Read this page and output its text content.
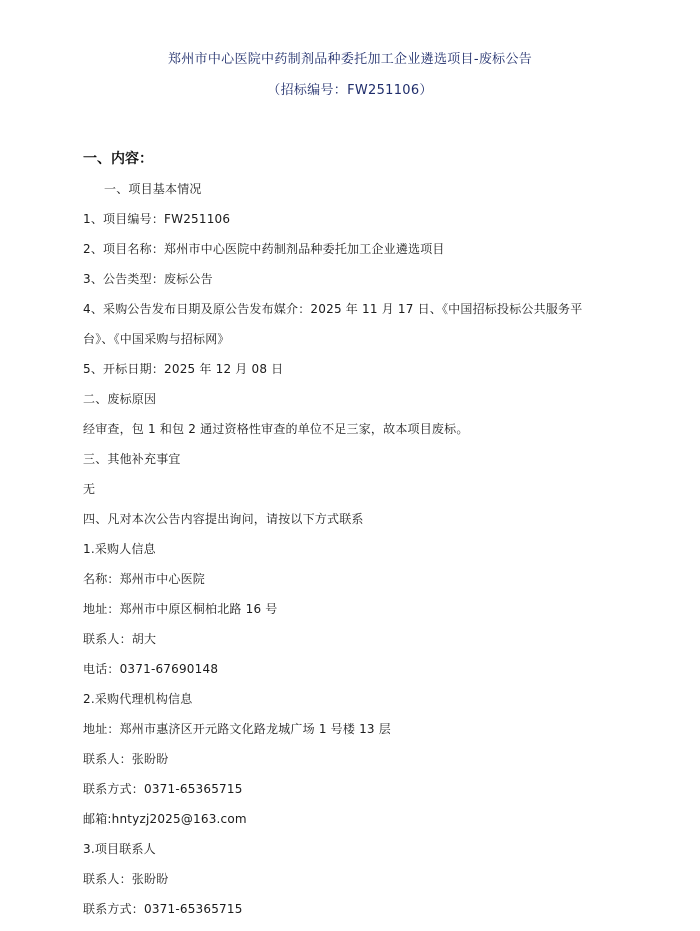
郑州市中心医院中药制剂品种委托加工企业遴选项目-废标公告
（招标编号：FW251106）
一、内容：
一、项目基本情况
1、项目编号：FW251106
2、项目名称：郑州市中心医院中药制剂品种委托加工企业遴选项目
3、公告类型：废标公告
4、采购公告发布日期及原公告发布媒介：2025 年 11 月 17 日、《中国招标投标公共服务平
台》、《中国采购与招标网》
5、开标日期：2025 年 12 月 08 日
二、废标原因
经审查，包 1 和包 2 通过资格性审查的单位不足三家，故本项目废标。
三、其他补充事宜
无
四、凡对本次公告内容提出询问，请按以下方式联系
1.采购人信息
名称：郑州市中心医院
地址：郑州市中原区桐柏北路 16 号
联系人：胡大
电话：0371-67690148
2.采购代理机构信息
地址：郑州市惠济区开元路文化路龙城广场 1 号楼 13 层
联系人：张盼盼
联系方式：0371-65365715
邮箱:hntyzj2025@163.com
3.项目联系人
联系人：张盼盼
联系方式：0371-65365715
